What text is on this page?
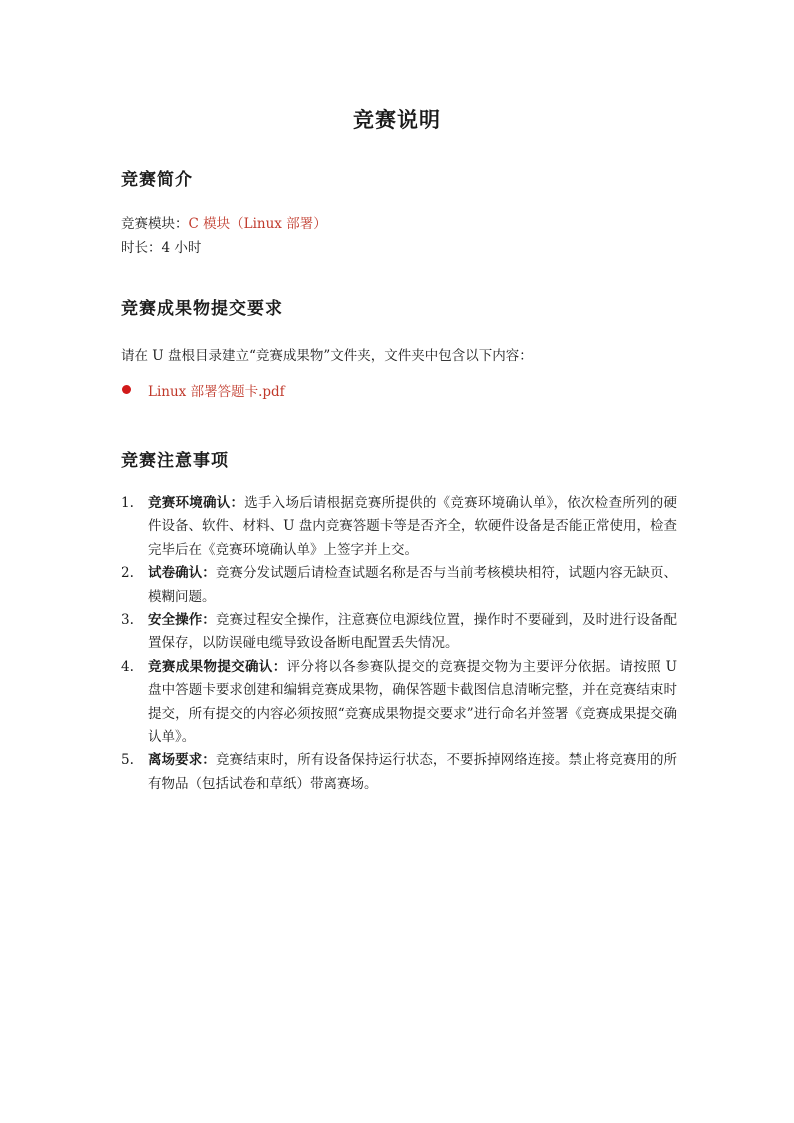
竞赛说明
竞赛简介
竞赛模块：C 模块（Linux 部署）
时长：4 小时
竞赛成果物提交要求
请在 U 盘根目录建立“竞赛成果物”文件夹，文件夹中包含以下内容：
Linux 部署答题卡.pdf
竞赛注意事项
1. 竞赛环境确认：选手入场后请根据竞赛所提供的《竞赛环境确认单》，依次检查所列的硬件设备、软件、材料、U 盘内竞赛答题卡等是否齐全，软硬件设备是否能正常使用，检查完毕后在《竞赛环境确认单》上签字并上交。
2. 试卷确认：竞赛分发试题后请检查试题名称是否与当前考核模块相符，试题内容无缺页、模糊问题。
3. 安全操作：竞赛过程安全操作，注意赛位电源线位置，操作时不要碰到，及时进行设备配置保存，以防误碰电缆导致设备断电配置丢失情况。
4. 竞赛成果物提交确认：评分将以各参赛队提交的竞赛提交物为主要评分依据。请按照 U 盘中答题卡要求创建和编辑竞赛成果物，确保答题卡截图信息清晰完整，并在竞赛结束时提交，所有提交的内容必须按照“竞赛成果物提交要求”进行命名并签署《竞赛成果提交确认单》。
5. 离场要求：竞赛结束时，所有设备保持运行状态，不要拆掉网络连接。禁止将竞赛用的所有物品（包括试卷和草纸）带离赛场。
